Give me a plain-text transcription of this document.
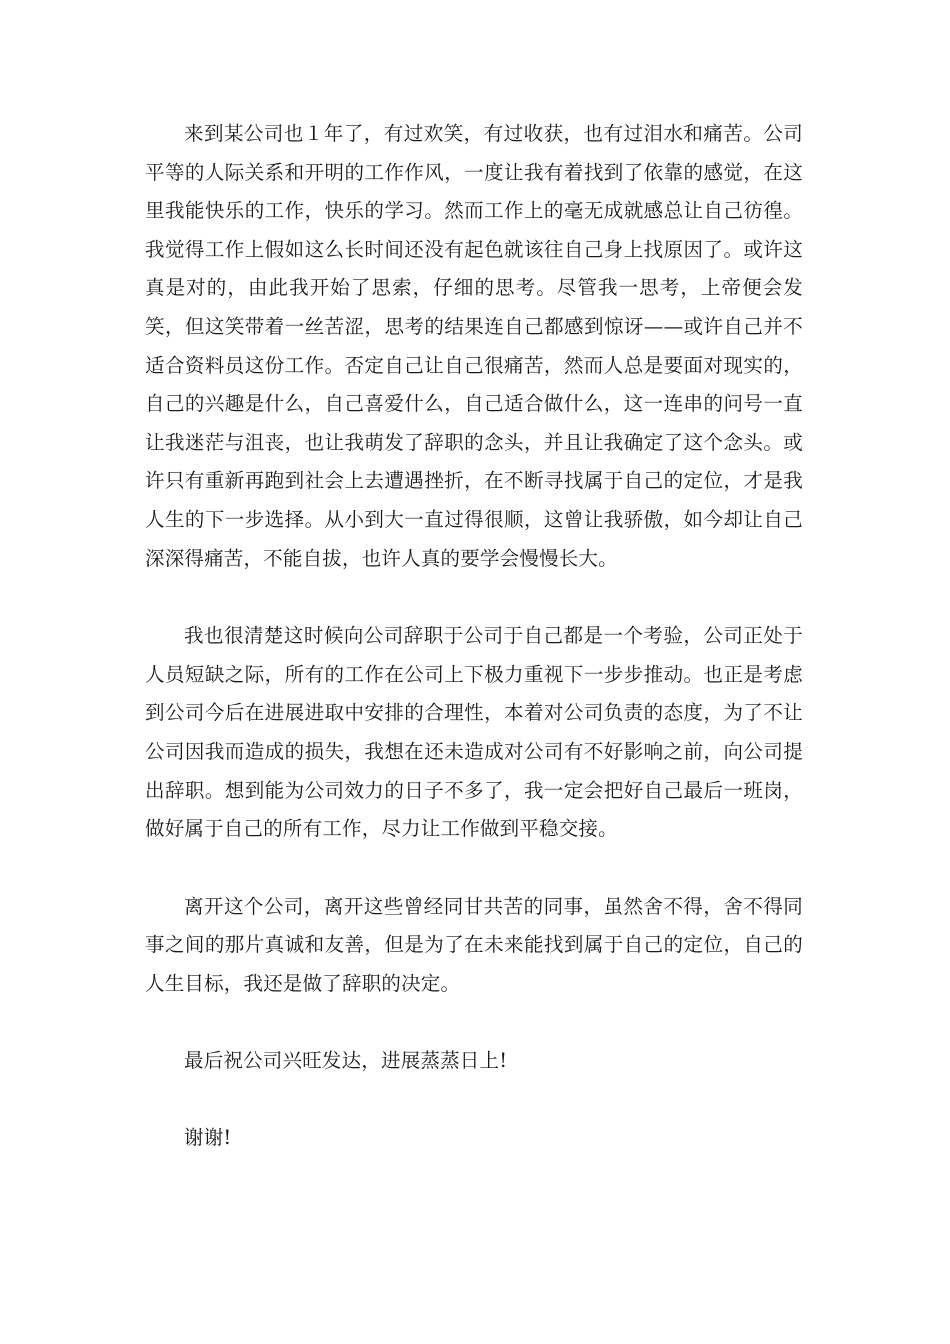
来到某公司也１年了，有过欢笑，有过收获，也有过泪水和痛苦。公司平等的人际关系和开明的工作作风，一度让我有着找到了依靠的感觉，在这里我能快乐的工作，快乐的学习。然而工作上的毫无成就感总让自己彷徨。我觉得工作上假如这么长时间还没有起色就该往自己身上找原因了。或许这真是对的，由此我开始了思索，仔细的思考。尽管我一思考，上帝便会发笑，但这笑带着一丝苦涩，思考的结果连自己都感到惊讶——或许自己并不适合资料员这份工作。否定自己让自己很痛苦，然而人总是要面对现实的，自己的兴趣是什么，自己喜爱什么，自己适合做什么，这一连串的问号一直让我迷茫与沮丧，也让我萌发了辞职的念头，并且让我确定了这个念头。或许只有重新再跑到社会上去遭遇挫折，在不断寻找属于自己的定位，才是我人生的下一步选择。从小到大一直过得很顺，这曾让我骄傲，如今却让自己深深得痛苦，不能自拔，也许人真的要学会慢慢长大。

我也很清楚这时候向公司辞职于公司于自己都是一个考验，公司正处于人员短缺之际，所有的工作在公司上下极力重视下一步步推动。也正是考虑到公司今后在进展进取中安排的合理性，本着对公司负责的态度，为了不让公司因我而造成的损失，我想在还未造成对公司有不好影响之前，向公司提出辞职。想到能为公司效力的日子不多了，我一定会把好自己最后一班岗，做好属于自己的所有工作，尽力让工作做到平稳交接。

离开这个公司，离开这些曾经同甘共苦的同事，虽然舍不得，舍不得同事之间的那片真诚和友善，但是为了在未来能找到属于自己的定位，自己的人生目标，我还是做了辞职的决定。

最后祝公司兴旺发达，进展蒸蒸日上!

谢谢!
